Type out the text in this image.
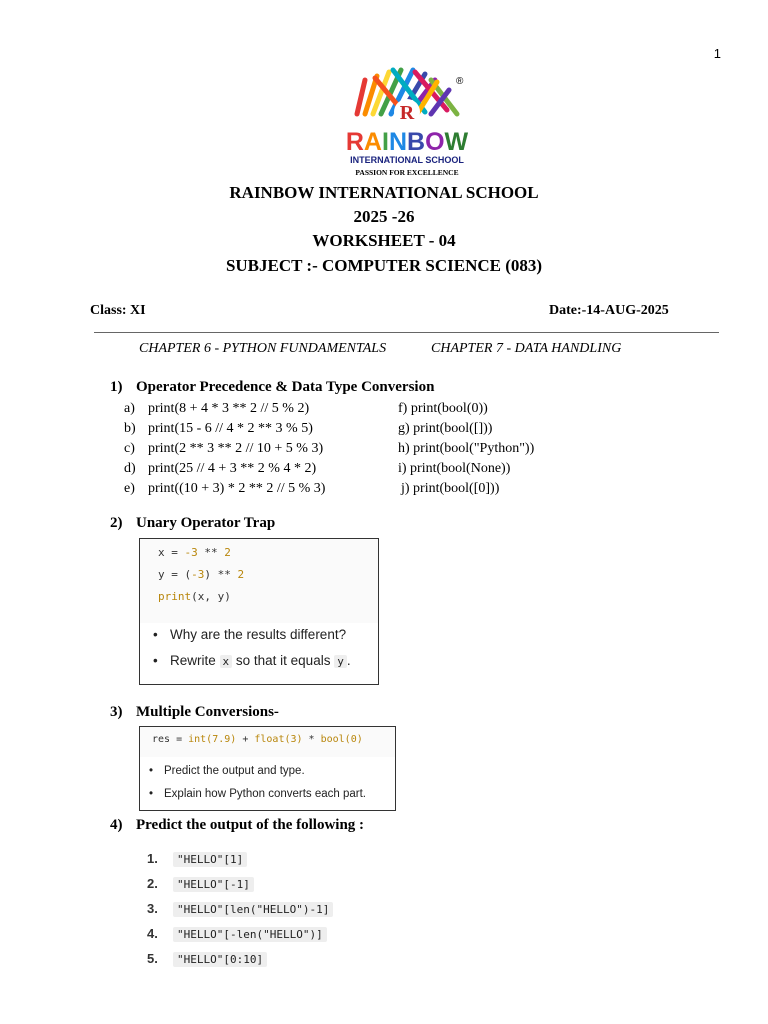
1
R
®
RAINBOW
INTERNATIONAL SCHOOL
PASSION FOR EXCELLENCE
RAINBOW INTERNATIONAL SCHOOL
2025 -26
WORKSHEET - 04
SUBJECT :- COMPUTER SCIENCE (083)
Class: XI	Date:-14-AUG-2025
CHAPTER 6 - PYTHON FUNDAMENTALS	CHAPTER 7 - DATA HANDLING
1) Operator Precedence & Data Type Conversion
a) print(8 + 4 * 3 ** 2 // 5 % 2)
b) print(15 - 6 // 4 * 2 ** 3 % 5)
c) print(2 ** 3 ** 2 // 10 + 5 % 3)
d) print(25 // 4 + 3 ** 2 % 4 * 2)
e) print((10 + 3) * 2 ** 2 // 5 % 3)
f) print(bool(0))
g) print(bool([]))
h) print(bool("Python"))
i) print(bool(None))
j) print(bool([0]))
2) Unary Operator Trap
x = -3 ** 2
y = (-3) ** 2
print(x, y)
• Why are the results different?
• Rewrite x so that it equals y .
3) Multiple Conversions-
res = int(7.9) + float(3) * bool(0)
• Predict the output and type.
• Explain how Python converts each part.
4) Predict the output of the following :
1. "HELLO"[1]
2. "HELLO"[-1]
3. "HELLO"[len("HELLO")-1]
4. "HELLO"[-len("HELLO")]
5. "HELLO"[0:10]
